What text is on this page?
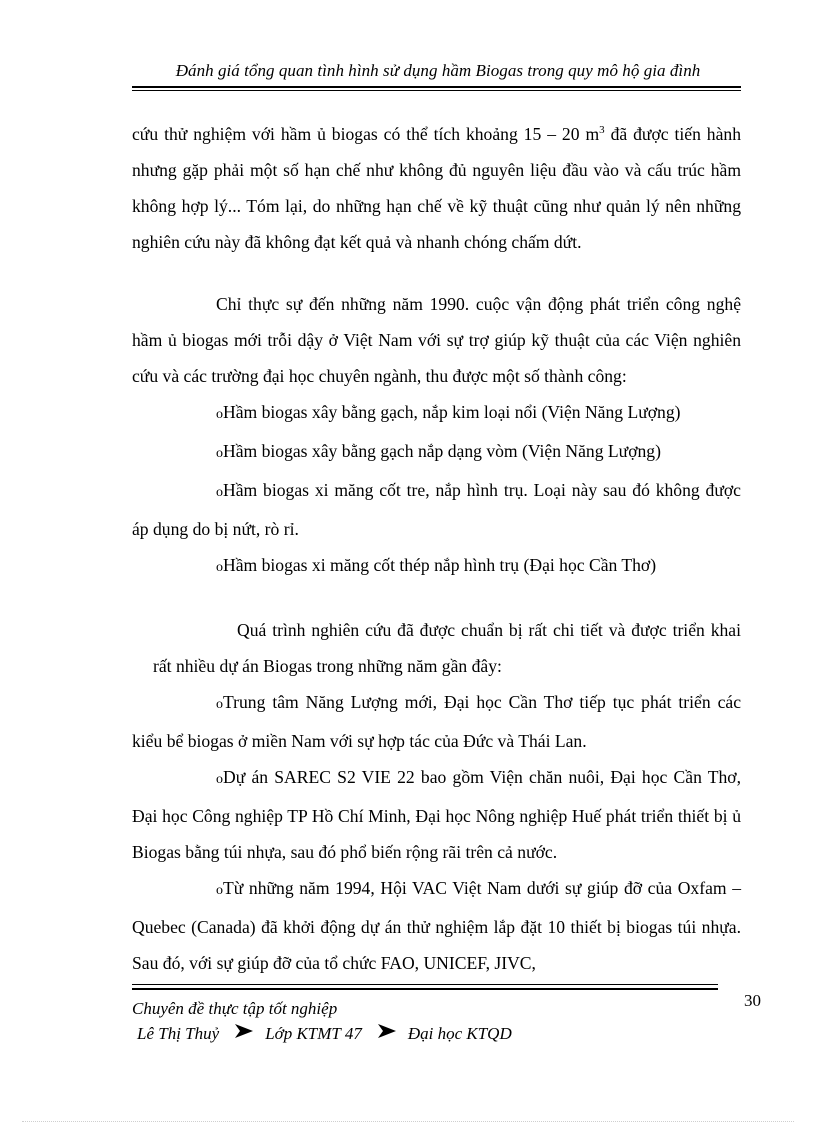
Đánh giá tổng quan tình hình sử dụng hầm Biogas trong quy mô hộ gia đình

cứu thử nghiệm với hầm ủ biogas có thể tích khoảng 15 – 20 $m^3$ đã được tiến hành nhưng gặp phải một số hạn chế như không đủ nguyên liệu đầu vào và cấu trúc hầm không hợp lý... Tóm lại, do những hạn chế về kỹ thuật cũng như quản lý nên những nghiên cứu này đã không đạt kết quả và nhanh chóng chấm dứt.

Chỉ thực sự đến những năm 1990. cuộc vận động phát triển công nghệ hầm ủ biogas mới trỗi dậy ở Việt Nam với sự trợ giúp kỹ thuật của các Viện nghiên cứu và các trường đại học chuyên ngành, thu được một số thành công:

oHầm biogas xây bằng gạch, nắp kim loại nổi (Viện Năng Lượng)

oHầm biogas xây bằng gạch nắp dạng vòm (Viện Năng Lượng)

oHầm biogas xi măng cốt tre, nắp hình trụ. Loại này sau đó không được áp dụng do bị nứt, rò rỉ.

oHầm biogas xi măng cốt thép nắp hình trụ (Đại học Cần Thơ)

Quá trình nghiên cứu đã được chuẩn bị rất chi tiết và được triển khai rất nhiều dự án Biogas trong những năm gần đây:

oTrung tâm Năng Lượng mới, Đại học Cần Thơ tiếp tục phát triển các kiểu bể biogas ở miền Nam với sự hợp tác của Đức và Thái Lan.

oDự án SAREC S2 VIE 22 bao gồm Viện chăn nuôi, Đại học Cần Thơ, Đại học Công nghiệp TP Hồ Chí Minh, Đại học Nông nghiệp Huế phát triển thiết bị ủ Biogas bằng túi nhựa, sau đó phổ biến rộng rãi trên cả nước.

oTừ những năm 1994, Hội VAC Việt Nam dưới sự giúp đỡ của Oxfam – Quebec (Canada) đã khởi động dự án thử nghiệm lắp đặt 10 thiết bị biogas túi nhựa. Sau đó, với sự giúp đỡ của tổ chức FAO, UNICEF, JIVC,

30
Chuyên đề thực tập tốt nghiệp
Lê Thị Thuỷ	Lớp KTMT 47	Đại học KTQD
